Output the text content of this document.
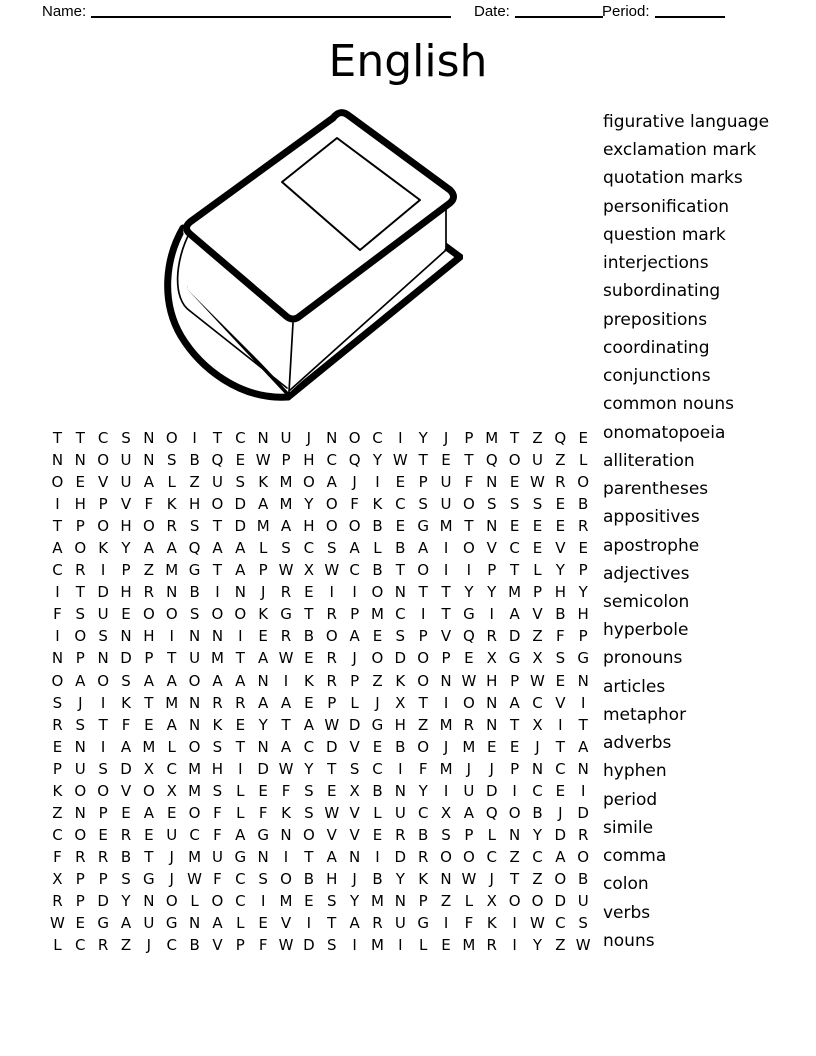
Name:	Date:	Period:
English
T T C S N O I	T C N U	J	N O C	I	Y	J	P M T Z Q E
N N O U N S B Q E W P H C Q Y W T E T Q O U Z L
O E V U A L Z U S K M O A	J	I	E P U F N E W R O
I	H P V F K H O D A M Y O F K C S U O S S S E B
T P O H O R S T D M A H O O B E G M T N E E E R
A O K Y A A Q A A L S C S A L B A	I O V C E V E
C R	I	P Z M G T A P W X W C B T O I	I	P T L Y P
I	T D H R N B	I	N	J	R E	I	I O N T T Y Y M P H Y
F S U E O O S O O K G T R P M C	I	T G I	A V B H
I O S N H	I	N N	I	E R B O A E S P V Q R D Z F P
N P N D P T U M T A W E R	J O D O P E X G X S G
O A O S A A O A A N	I	K R P Z K O N W H P W E N
S	J	I	K T M N R R A A E P L	J	X T	I O N A C V	I
R S T F E A N K E Y T A W D G H Z M R N T X	I	T
E N	I	A M L O S T N A C D V E B O J M E E	J	T A
P U S D X C M H	I D W Y T S C	I	F M J	J	P N C N
K O O V O X M S L E F S E X B N Y	I	U D I	C E	I
Z N P E A E O F L F K S W V L U C X A Q O B	J D
C O E R E U C F A G N O V V E R B S P L N Y D R
F R R B T	J M U G N	I	T A N	I D R O O C Z C A O
X P P S G J W F C S O B H	J	B Y K N W J	T Z O B
R P D Y N O L O C	I M E S Y M N P Z L X O O D U
W E G A U G N A L E V	I	T A R U G I	F K	I W C S
L C R Z	J	C B V P F W D S	I M I	L E M R	I	Y Z W
figurative language
exclamation mark
quotation marks
personification
question mark
interjections
subordinating
prepositions
coordinating
conjunctions
common nouns
onomatopoeia
alliteration
parentheses
appositives
apostrophe
adjectives
semicolon
hyperbole
pronouns
articles
metaphor
adverbs
hyphen
period
simile
comma
colon
verbs
nouns
